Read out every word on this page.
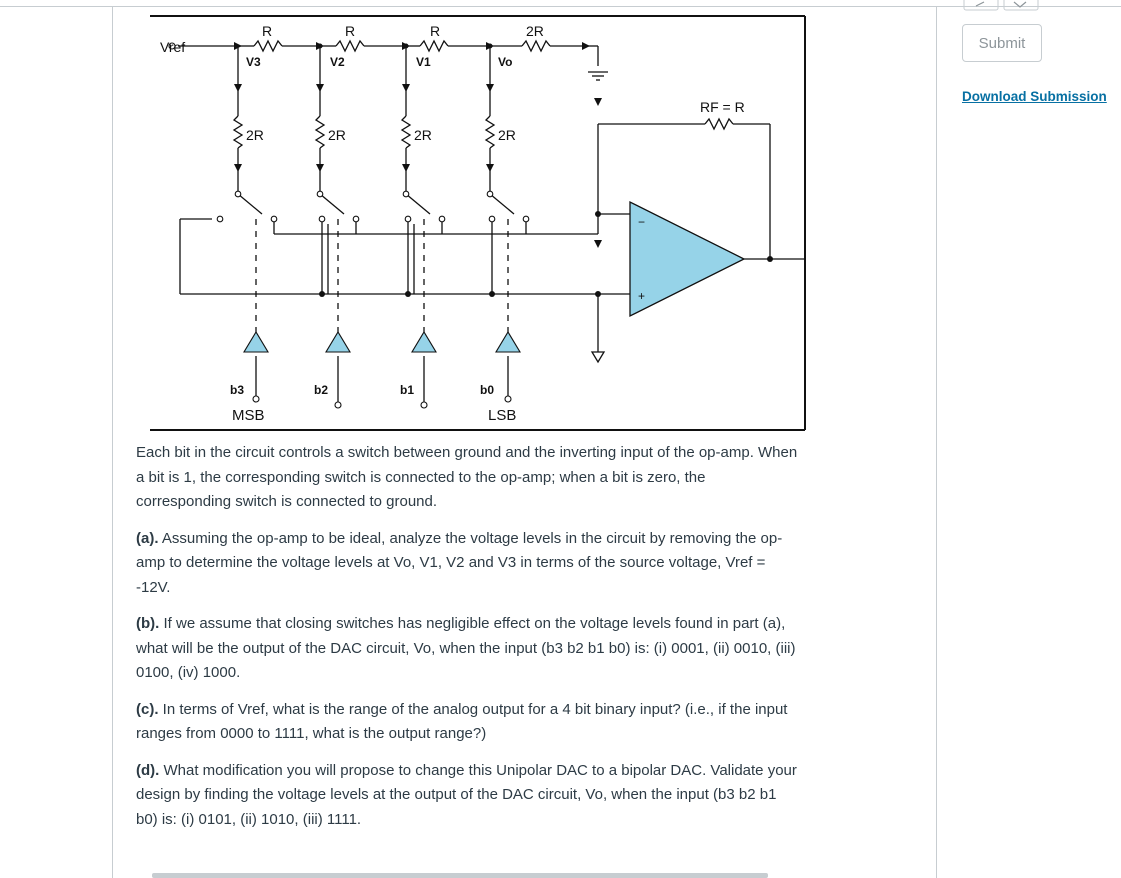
Vref
R	R	R	2R
V3	V2	V1	Vo
2R	2R	2R	2R
RF = R
−
+
b3	b2	b1	b0
MSB	LSB

Each bit in the circuit controls a switch between ground and the inverting input of the op-amp. When a bit is 1, the corresponding switch is connected to the op-amp; when a bit is zero, the corresponding switch is connected to ground.

(a). Assuming the op-amp to be ideal, analyze the voltage levels in the circuit by removing the op-amp to determine the voltage levels at Vo, V1, V2 and V3 in terms of the source voltage, Vref = -12V.

(b). If we assume that closing switches has negligible effect on the voltage levels found in part (a), what will be the output of the DAC circuit, Vo, when the input (b3 b2 b1 b0) is: (i) 0001, (ii) 0010, (iii) 0100, (iv) 1000.

(c). In terms of Vref, what is the range of the analog output for a 4 bit binary input? (i.e., if the input ranges from 0000 to 1111, what is the output range?)

(d). What modification you will propose to change this Unipolar DAC to a bipolar DAC. Validate your design by finding the voltage levels at the output of the DAC circuit, Vo, when the input (b3 b2 b1 b0) is: (i) 0101, (ii) 1010, (iii) 1111.

Submit
Download Submission
